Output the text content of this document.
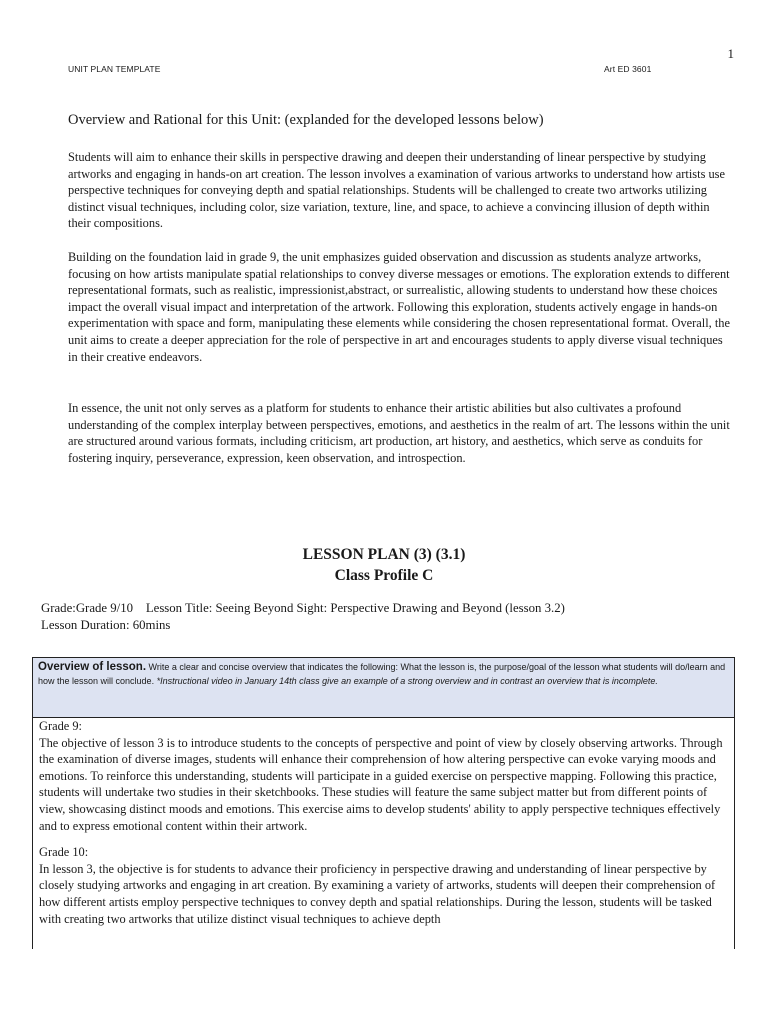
1
UNIT PLAN TEMPLATE	Art ED 3601
Overview and Rational for this Unit: (explanded for the developed lessons below)
Students will aim to enhance their skills in perspective drawing and deepen their understanding of linear perspective by studying artworks and engaging in hands-on art creation. The lesson involves a examination of various artworks to understand how artists use perspective techniques for conveying depth and spatial relationships. Students will be challenged to create two artworks utilizing distinct visual techniques, including color, size variation, texture, line, and space, to achieve a convincing illusion of depth within their compositions.
Building on the foundation laid in grade 9, the unit emphasizes guided observation and discussion as students analyze artworks, focusing on how artists manipulate spatial relationships to convey diverse messages or emotions. The exploration extends to different representational formats, such as realistic, impressionist,abstract, or surrealistic, allowing students to understand how these choices impact the overall visual impact and interpretation of the artwork. Following this exploration, students actively engage in hands-on experimentation with space and form, manipulating these elements while considering the chosen representational format. Overall, the unit aims to create a deeper appreciation for the role of perspective in art and encourages students to apply diverse visual techniques in their creative endeavors.
In essence, the unit not only serves as a platform for students to enhance their artistic abilities but also cultivates a profound understanding of the complex interplay between perspectives, emotions, and aesthetics in the realm of art. The lessons within the unit are structured around various formats, including criticism, art production, art history, and aesthetics, which serve as conduits for fostering inquiry, perseverance, expression, keen observation, and introspection.
LESSON PLAN (3) (3.1)
Class Profile C
Grade:Grade 9/10    Lesson Title: Seeing Beyond Sight: Perspective Drawing and Beyond (lesson 3.2)
Lesson Duration: 60mins
Overview of lesson. Write a clear and concise overview that indicates the following: What the lesson is, the purpose/goal of the lesson what students will do/learn and how the lesson will conclude. *Instructional video in January 14th class give an example of a strong overview and in contrast an overview that is incomplete.
Grade 9:
The objective of lesson 3 is to introduce students to the concepts of perspective and point of view by closely observing artworks. Through the examination of diverse images, students will enhance their comprehension of how altering perspective can evoke varying moods and emotions. To reinforce this understanding, students will participate in a guided exercise on perspective mapping. Following this practice, students will undertake two studies in their sketchbooks. These studies will feature the same subject matter but from different points of view, showcasing distinct moods and emotions. This exercise aims to develop students' ability to apply perspective techniques effectively and to express emotional content within their artwork.
Grade 10:
In lesson 3, the objective is for students to advance their proficiency in perspective drawing and understanding of linear perspective by closely studying artworks and engaging in art creation. By examining a variety of artworks, students will deepen their comprehension of how different artists employ perspective techniques to convey depth and spatial relationships. During the lesson, students will be tasked with creating two artworks that utilize distinct visual techniques to achieve depth
